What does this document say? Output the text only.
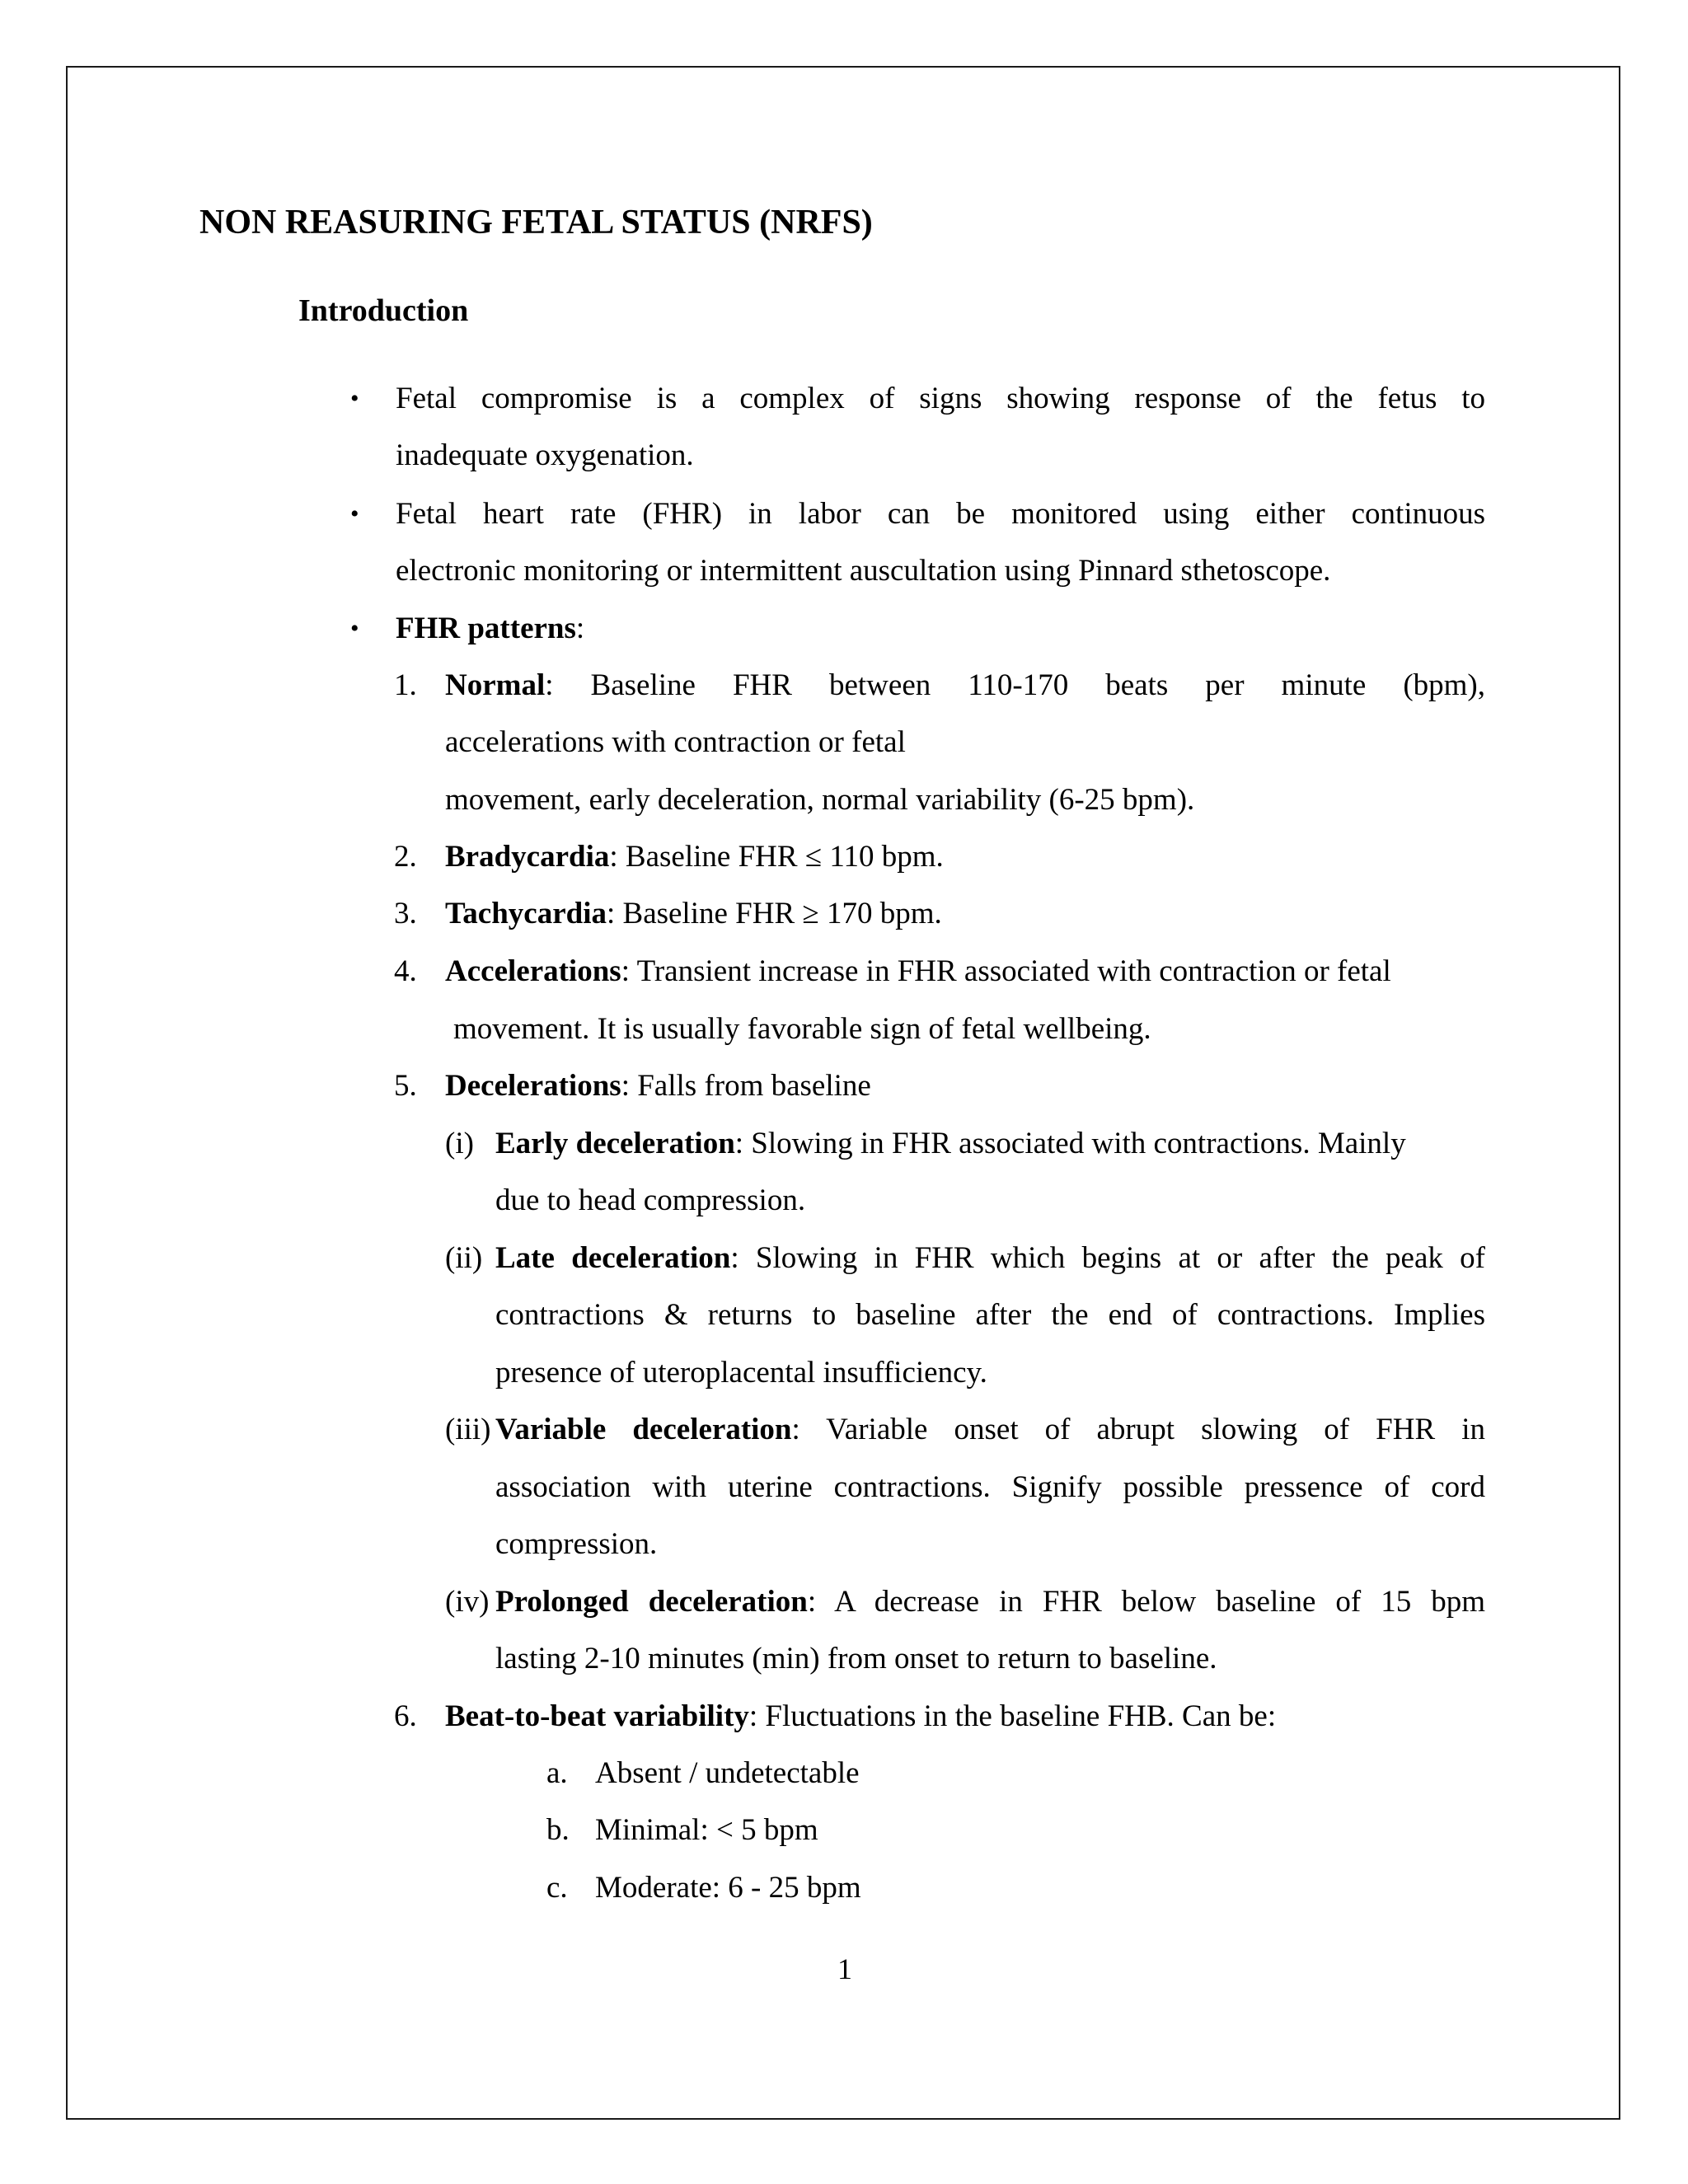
NON REASURING FETAL STATUS (NRFS)
Introduction
• Fetal compromise is a complex of signs showing response of the fetus to
inadequate oxygenation.
• Fetal heart rate (FHR) in labor can be monitored using either continuous
electronic monitoring or intermittent auscultation using Pinnard sthetoscope.
• FHR patterns:
1. Normal: Baseline FHR between 110-170 beats per minute (bpm),
accelerations with contraction or fetal
movement, early deceleration, normal variability (6-25 bpm).
2. Bradycardia: Baseline FHR ≤ 110 bpm.
3. Tachycardia: Baseline FHR ≥ 170 bpm.
4. Accelerations: Transient increase in FHR associated with contraction or fetal
movement. It is usually favorable sign of fetal wellbeing.
5. Decelerations: Falls from baseline
(i) Early deceleration: Slowing in FHR associated with contractions. Mainly
due to head compression.
(ii) Late deceleration: Slowing in FHR which begins at or after the peak of
contractions & returns to baseline after the end of contractions. Implies
presence of uteroplacental insufficiency.
(iii) Variable deceleration: Variable onset of abrupt slowing of FHR in
association with uterine contractions. Signify possible pressence of cord
compression.
(iv) Prolonged deceleration: A decrease in FHR below baseline of 15 bpm
lasting 2-10 minutes (min) from onset to return to baseline.
6. Beat-to-beat variability: Fluctuations in the baseline FHB. Can be:
a. Absent / undetectable
b. Minimal: < 5 bpm
c. Moderate: 6 - 25 bpm
1
